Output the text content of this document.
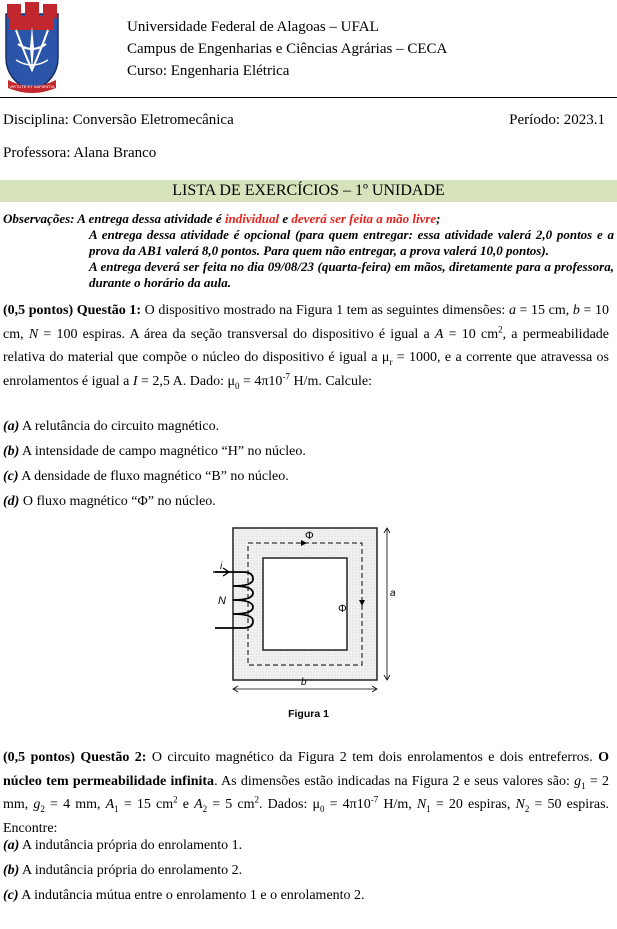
VIRTUTE ET SAPIENTIA
Universidade Federal de Alagoas – UFAL
Campus de Engenharias e Ciências Agrárias – CECA
Curso: Engenharia Elétrica
Disciplina: Conversão Eletromecânica	Período: 2023.1
Professora: Alana Branco
LISTA DE EXERCÍCIOS – 1º UNIDADE
Observações: A entrega dessa atividade é individual e deverá ser feita a mão livre;
A entrega dessa atividade é opcional (para quem entregar: essa atividade valerá 2,0 pontos e a prova da AB1 valerá 8,0 pontos. Para quem não entregar, a prova valerá 10,0 pontos).
A entrega deverá ser feita no dia 09/08/23 (quarta-feira) em mãos, diretamente para a professora, durante o horário da aula.
(0,5 pontos) Questão 1: O dispositivo mostrado na Figura 1 tem as seguintes dimensões: a = 15 cm, b = 10 cm, N = 100 espiras. A área da seção transversal do dispositivo é igual a A = 10 $cm^2$, a permeabilidade relativa do material que compõe o núcleo do dispositivo é igual a $\mu_r = 1000$, e a corrente que atravessa os enrolamentos é igual a I = 2,5 A. Dado: $\mu_0 = 4\pi 10^{-7}$ H/m. Calcule:
(a) A relutância do circuito magnético.
(b) A intensidade de campo magnético “H” no núcleo.
(c) A densidade de fluxo magnético “B” no núcleo.
(d) O fluxo magnético “Φ” no núcleo.
Φ
Φ
i
N
a
b
Figura 1
(0,5 pontos) Questão 2: O circuito magnético da Figura 2 tem dois enrolamentos e dois entreferros. O núcleo tem permeabilidade infinita. As dimensões estão indicadas na Figura 2 e seus valores são: $g_1 = 2$ mm, $g_2 = 4$ mm, $A_1 = 15$ $cm^2$ e $A_2 = 5$ $cm^2$. Dados: $\mu_0 = 4\pi 10^{-7}$ H/m, $N_1 = 20$ espiras, $N_2 = 50$ espiras. Encontre:
(a) A indutância própria do enrolamento 1.
(b) A indutância própria do enrolamento 2.
(c) A indutância mútua entre o enrolamento 1 e o enrolamento 2.
